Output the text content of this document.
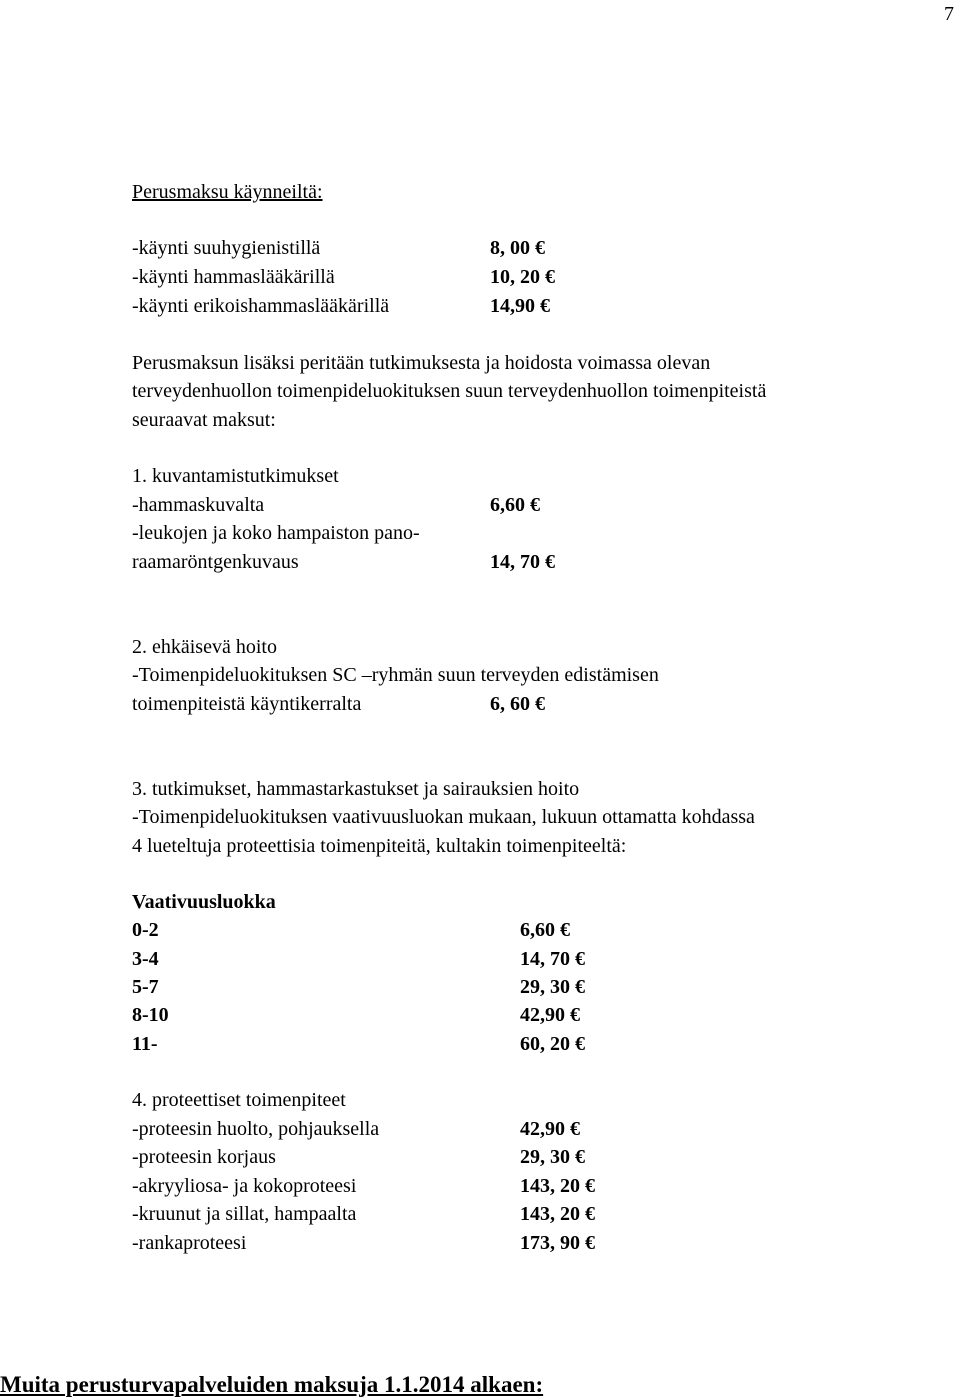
7
Perusmaksu käynneiltä:
-käynti suuhygienistillä	8, 00 €
-käynti hammaslääkärillä	10, 20 €
-käynti erikoishammaslääkärillä	14,90 €
Perusmaksun lisäksi peritään tutkimuksesta ja hoidosta voimassa olevan
terveydenhuollon toimenpideluokituksen suun terveydenhuollon toimenpiteistä
seuraavat maksut:
1. kuvantamistutkimukset
-hammaskuvalta	6,60 €
-leukojen ja koko hampaiston pano-
raamaröntgenkuvaus	14, 70 €
2. ehkäisevä hoito
-Toimenpideluokituksen SC –ryhmän suun terveyden edistämisen
toimenpiteistä käyntikerralta	6, 60 €
3. tutkimukset, hammastarkastukset ja sairauksien hoito
-Toimenpideluokituksen vaativuusluokan mukaan, lukuun ottamatta kohdassa
4 lueteltuja proteettisia toimenpiteitä, kultakin toimenpiteeltä:
Vaativuusluokka
0-2	6,60 €
3-4	14, 70 €
5-7	29, 30 €
8-10	42,90 €
11-	60, 20 €
4. proteettiset toimenpiteet
-proteesin huolto, pohjauksella	42,90 €
-proteesin korjaus	29, 30 €
-akryyliosa- ja kokoproteesi	143, 20 €
-kruunut ja sillat, hampaalta	143, 20 €
-rankaproteesi	173, 90 €
Muita perusturvapalveluiden maksuja 1.1.2014 alkaen:
